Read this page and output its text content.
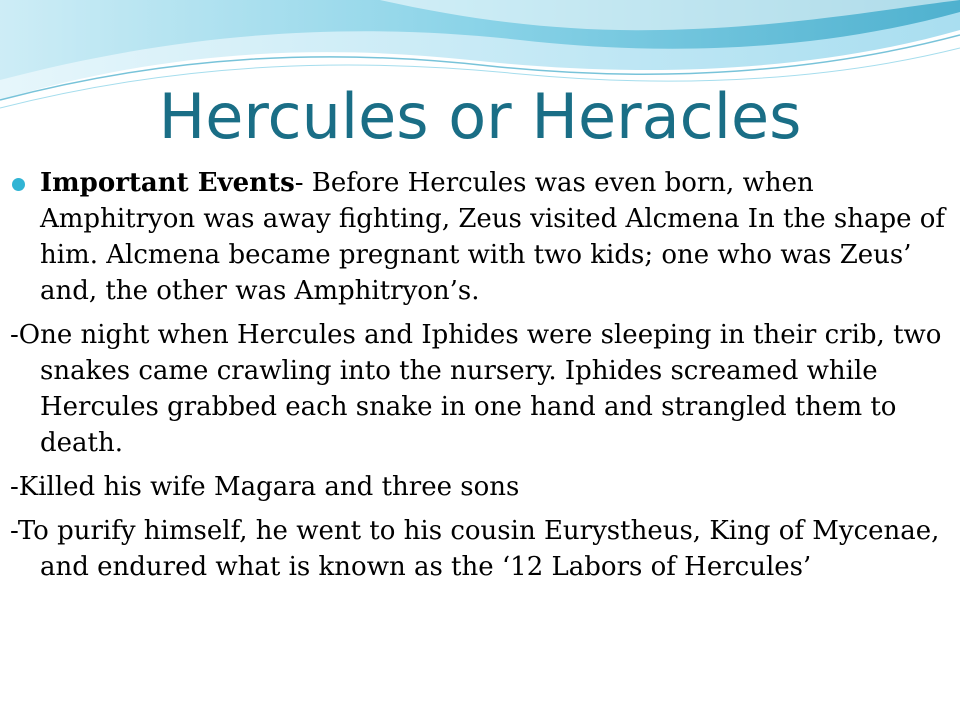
Hercules or Heracles

Important Events- Before Hercules was even born, when Amphitryon was away fighting, Zeus visited Alcmena In the shape of him. Alcmena became pregnant with two kids; one who was Zeus’ and, the other was Amphitryon’s.

-One night when Hercules and Iphides were sleeping in their crib, two snakes came crawling into the nursery. Iphides screamed while Hercules grabbed each snake in one hand and strangled them to death.

-Killed his wife Magara and three sons

-To purify himself, he went to his cousin Eurystheus, King of Mycenae, and endured what is known as the ‘12 Labors of Hercules’
